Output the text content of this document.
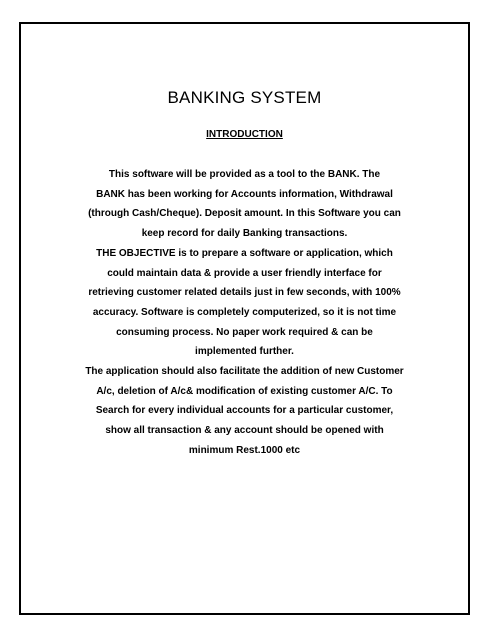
BANKING SYSTEM
INTRODUCTION
This software will be provided as a tool to the BANK. The
BANK has been working for Accounts information, Withdrawal
(through Cash/Cheque). Deposit amount. In this Software you can
keep record for daily Banking transactions.
THE OBJECTIVE is to prepare a software or application, which
could maintain data & provide a user friendly interface for
retrieving customer related details just in few seconds, with 100%
accuracy. Software is completely computerized, so it is not time
consuming process. No paper work required & can be
implemented further.
The application should also facilitate the addition of new Customer
A/c, deletion of A/c& modification of existing customer A/C. To
Search for every individual accounts for a particular customer,
show all transaction & any account should be opened with
minimum Rest.1000 etc
